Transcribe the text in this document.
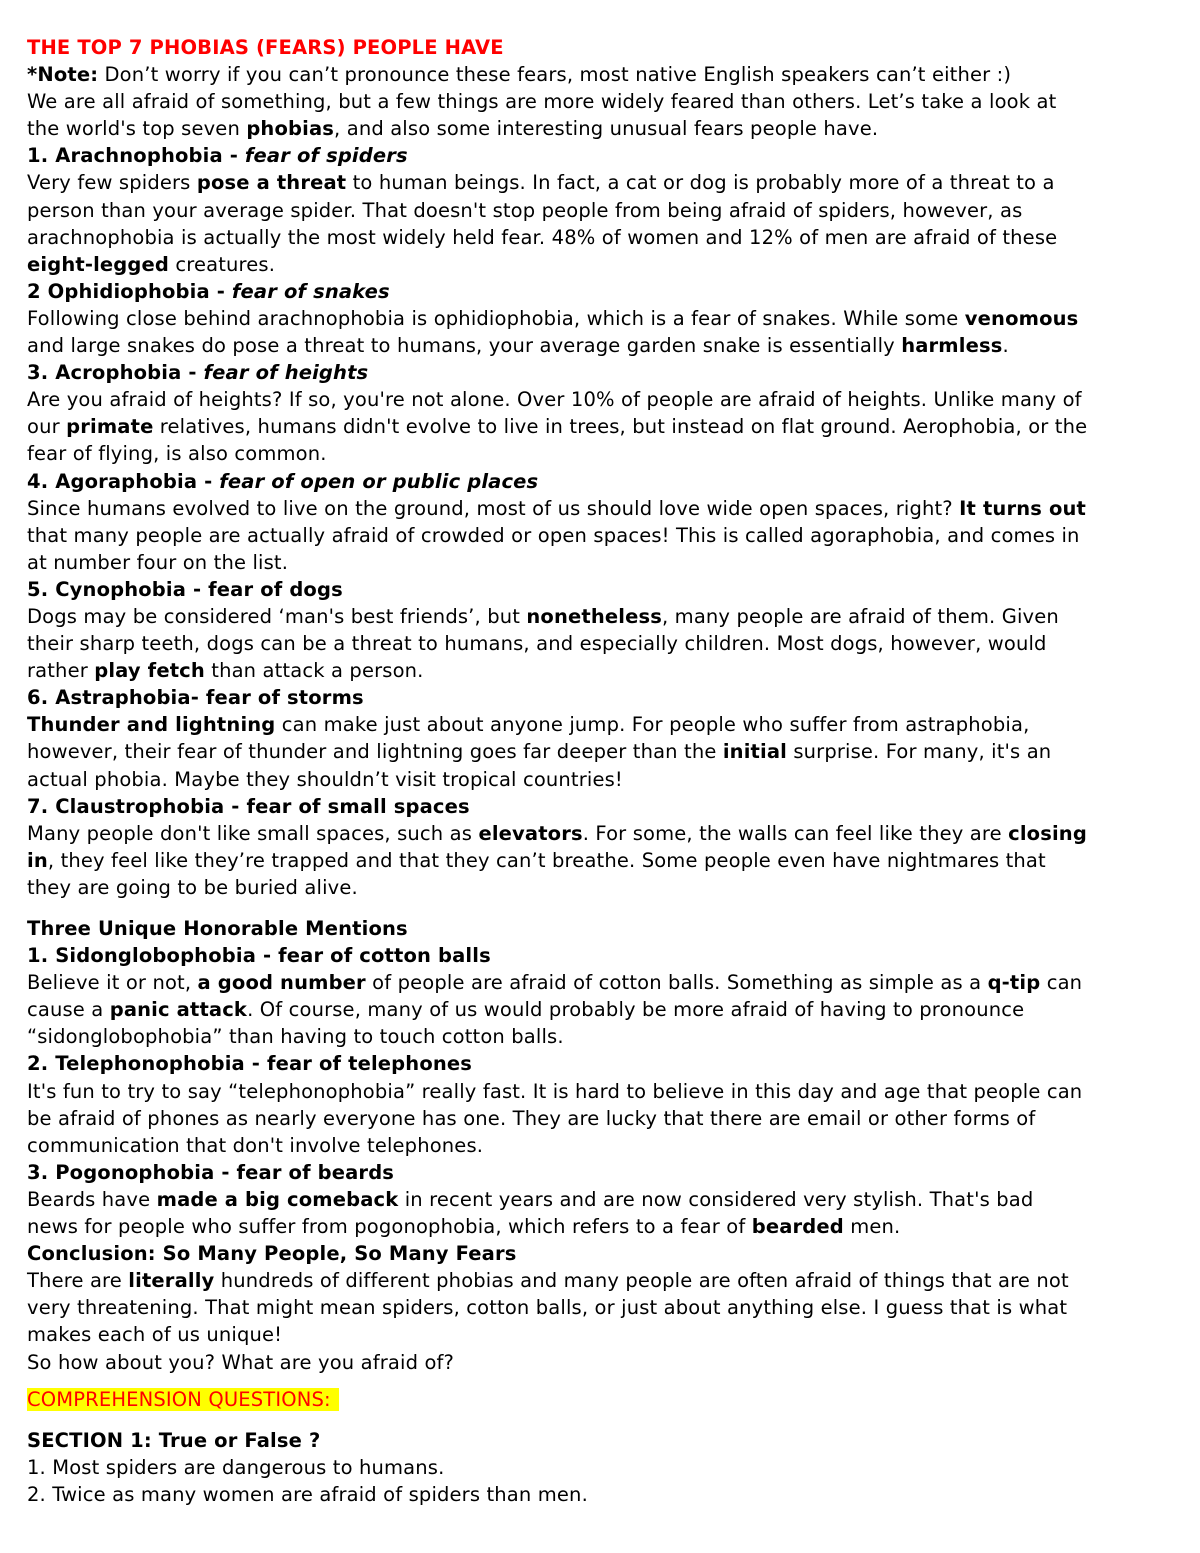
THE TOP 7 PHOBIAS (FEARS) PEOPLE HAVE
*Note: Don’t worry if you can’t pronounce these fears, most native English speakers can’t either :)
We are all afraid of something, but a few things are more widely feared than others. Let’s take a look at
the world's top seven phobias, and also some interesting unusual fears people have.
1. Arachnophobia - fear of spiders
Very few spiders pose a threat to human beings. In fact, a cat or dog is probably more of a threat to a
person than your average spider. That doesn't stop people from being afraid of spiders, however, as
arachnophobia is actually the most widely held fear. 48% of women and 12% of men are afraid of these
eight-legged creatures.
2 Ophidiophobia - fear of snakes
Following close behind arachnophobia is ophidiophobia, which is a fear of snakes. While some venomous
and large snakes do pose a threat to humans, your average garden snake is essentially harmless.
3. Acrophobia - fear of heights
Are you afraid of heights? If so, you're not alone. Over 10% of people are afraid of heights. Unlike many of
our primate relatives, humans didn't evolve to live in trees, but instead on flat ground. Aerophobia, or the
fear of flying, is also common.
4. Agoraphobia - fear of open or public places
Since humans evolved to live on the ground, most of us should love wide open spaces, right? It turns out
that many people are actually afraid of crowded or open spaces! This is called agoraphobia, and comes in
at number four on the list.
5. Cynophobia - fear of dogs
Dogs may be considered ‘man's best friends’, but nonetheless, many people are afraid of them. Given
their sharp teeth, dogs can be a threat to humans, and especially children. Most dogs, however, would
rather play fetch than attack a person.
6. Astraphobia- fear of storms
Thunder and lightning can make just about anyone jump. For people who suffer from astraphobia,
however, their fear of thunder and lightning goes far deeper than the initial surprise. For many, it's an
actual phobia. Maybe they shouldn’t visit tropical countries!
7. Claustrophobia - fear of small spaces
Many people don't like small spaces, such as elevators. For some, the walls can feel like they are closing
in, they feel like they’re trapped and that they can’t breathe. Some people even have nightmares that
they are going to be buried alive.
Three Unique Honorable Mentions
1. Sidonglobophobia - fear of cotton balls
Believe it or not, a good number of people are afraid of cotton balls. Something as simple as a q-tip can
cause a panic attack. Of course, many of us would probably be more afraid of having to pronounce
“sidonglobophobia” than having to touch cotton balls.
2. Telephonophobia - fear of telephones
It's fun to try to say “telephonophobia” really fast. It is hard to believe in this day and age that people can
be afraid of phones as nearly everyone has one. They are lucky that there are email or other forms of
communication that don't involve telephones.
3. Pogonophobia - fear of beards
Beards have made a big comeback in recent years and are now considered very stylish. That's bad
news for people who suffer from pogonophobia, which refers to a fear of bearded men.
Conclusion: So Many People, So Many Fears
There are literally hundreds of different phobias and many people are often afraid of things that are not
very threatening. That might mean spiders, cotton balls, or just about anything else. I guess that is what
makes each of us unique!
So how about you? What are you afraid of?
COMPREHENSION QUESTIONS:
SECTION 1: True or False ?
1. Most spiders are dangerous to humans.
2. Twice as many women are afraid of spiders than men.
